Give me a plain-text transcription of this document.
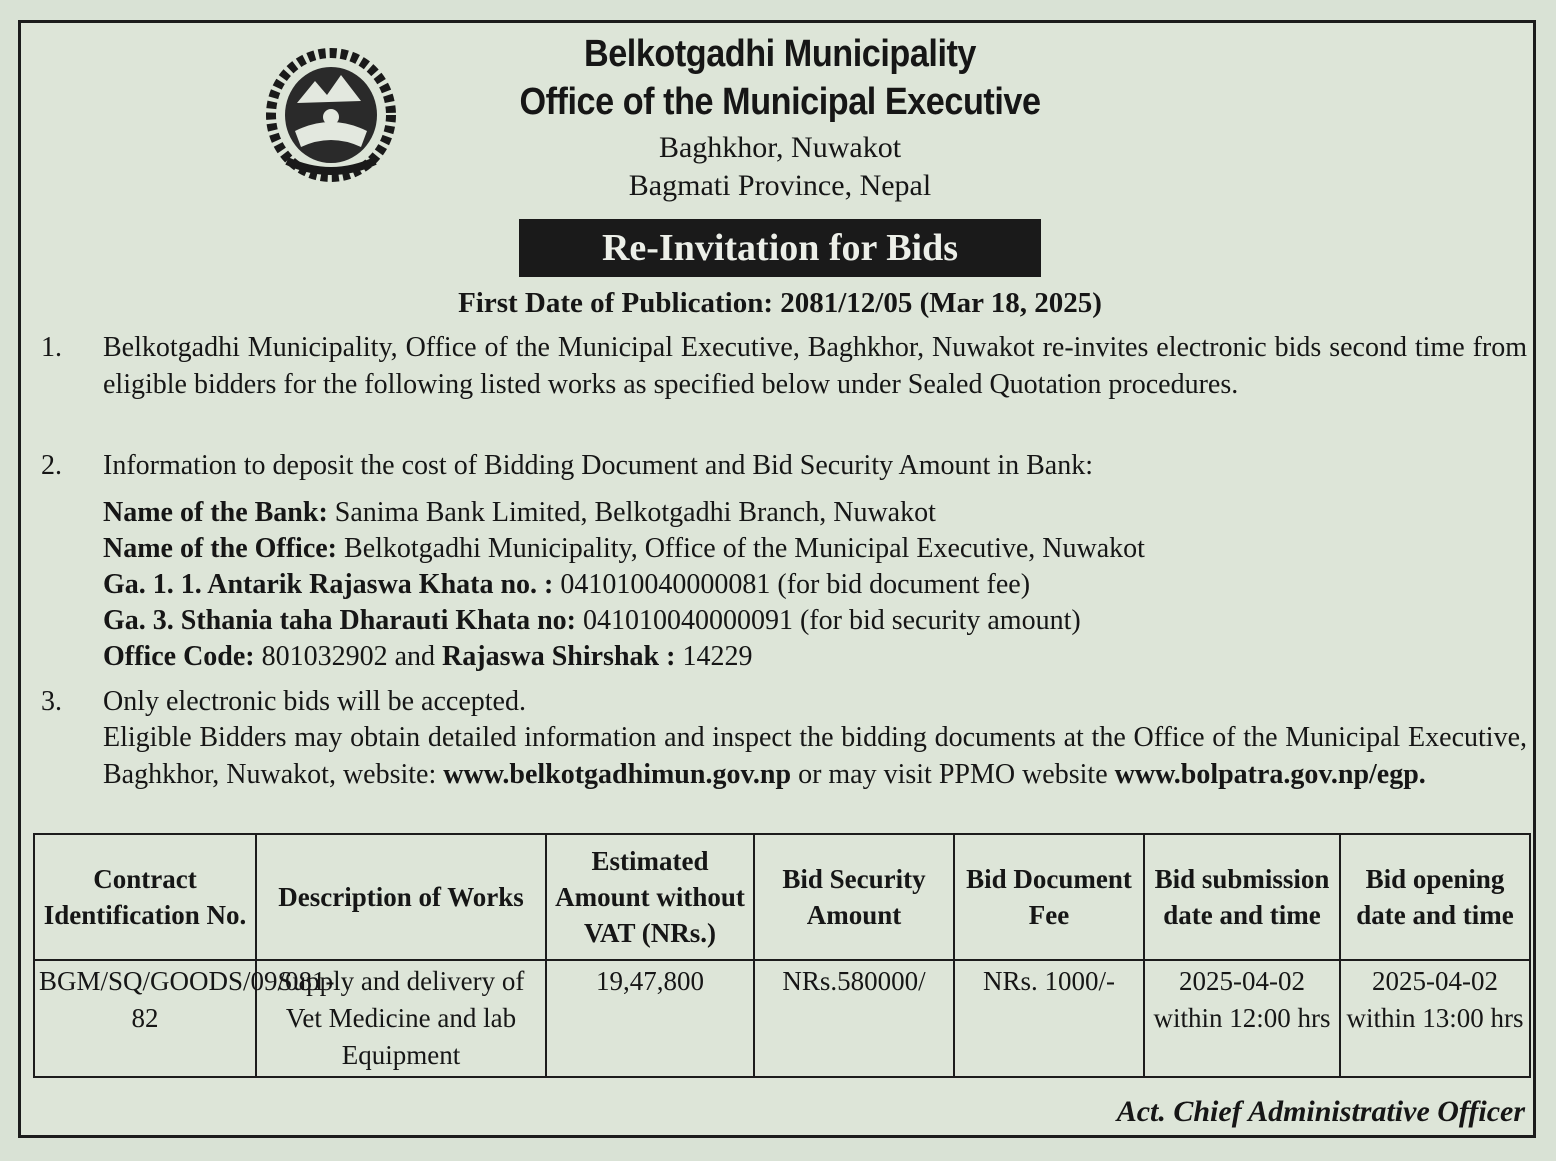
Belkotgadhi Municipality
Office of the Municipal Executive
Baghkhor, Nuwakot
Bagmati Province, Nepal
Re-Invitation for Bids
First Date of Publication: 2081/12/05 (Mar 18, 2025)
1. Belkotgadhi Municipality, Office of the Municipal Executive, Baghkhor, Nuwakot re-invites electronic bids second time from eligible bidders for the following listed works as specified below under Sealed Quotation procedures.
2. Information to deposit the cost of Bidding Document and Bid Security Amount in Bank:
Name of the Bank: Sanima Bank Limited, Belkotgadhi Branch, Nuwakot
Name of the Office: Belkotgadhi Municipality, Office of the Municipal Executive, Nuwakot
Ga. 1. 1. Antarik Rajaswa Khata no. : 041010040000081 (for bid document fee)
Ga. 3. Sthania taha Dharauti Khata no: 041010040000091 (for bid security amount)
Office Code: 801032902 and Rajaswa Shirshak : 14229
3. Only electronic bids will be accepted.
Eligible Bidders may obtain detailed information and inspect the bidding documents at the Office of the Municipal Executive, Baghkhor, Nuwakot, website: www.belkotgadhimun.gov.np or may visit PPMO website www.bolpatra.gov.np/egp.
Contract Identification No.	Description of Works	Estimated Amount without VAT (NRs.)	Bid Security Amount	Bid Document Fee	Bid submission date and time	Bid opening date and time
BGM/SQ/GOODS/09/081-82	Supply and delivery of Vet Medicine and lab Equipment	19,47,800	NRs.580000/	NRs. 1000/-	2025-04-02 within 12:00 hrs	2025-04-02 within 13:00 hrs
Act. Chief Administrative Officer
